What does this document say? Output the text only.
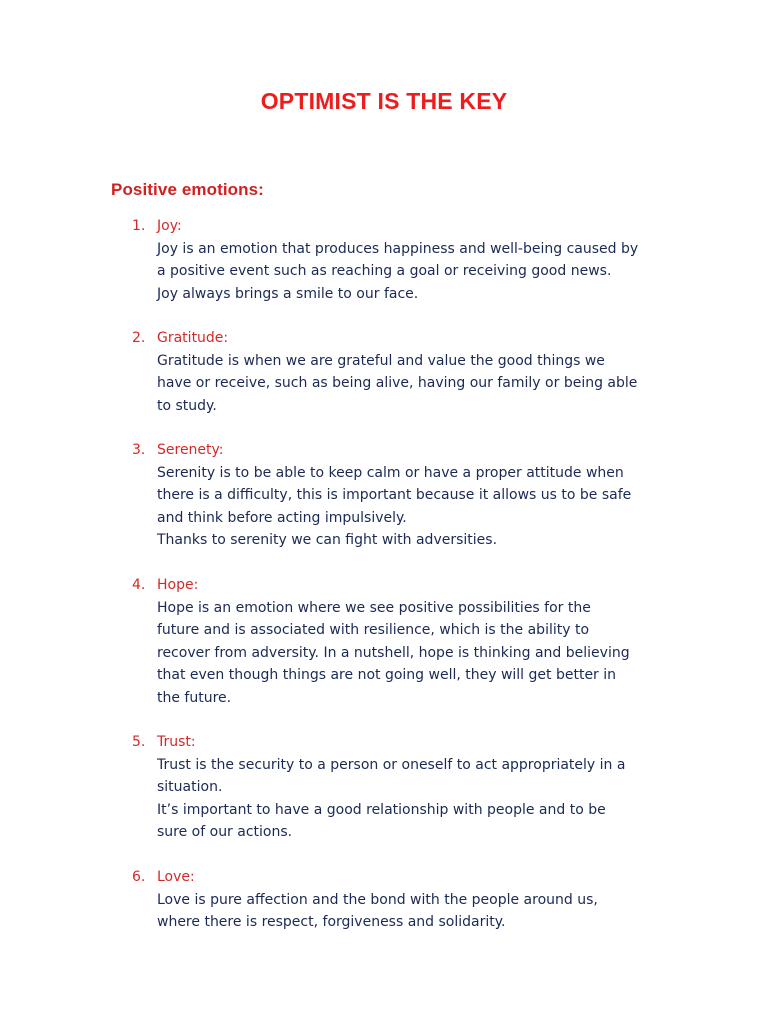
OPTIMIST IS THE KEY
Positive emotions:
1. Joy:
Joy is an emotion that produces happiness and well-being caused by
a positive event such as reaching a goal or receiving good news.
Joy always brings a smile to our face.
2. Gratitude:
Gratitude is when we are grateful and value the good things we
have or receive, such as being alive, having our family or being able
to study.
3. Serenety:
Serenity is to be able to keep calm or have a proper attitude when
there is a difficulty, this is important because it allows us to be safe
and think before acting impulsively.
Thanks to serenity we can fight with adversities.
4. Hope:
Hope is an emotion where we see positive possibilities for the
future and is associated with resilience, which is the ability to
recover from adversity. In a nutshell, hope is thinking and believing
that even though things are not going well, they will get better in
the future.
5. Trust:
Trust is the security to a person or oneself to act appropriately in a
situation.
It’s important to have a good relationship with people and to be
sure of our actions.
6. Love:
Love is pure affection and the bond with the people around us,
where there is respect, forgiveness and solidarity.
